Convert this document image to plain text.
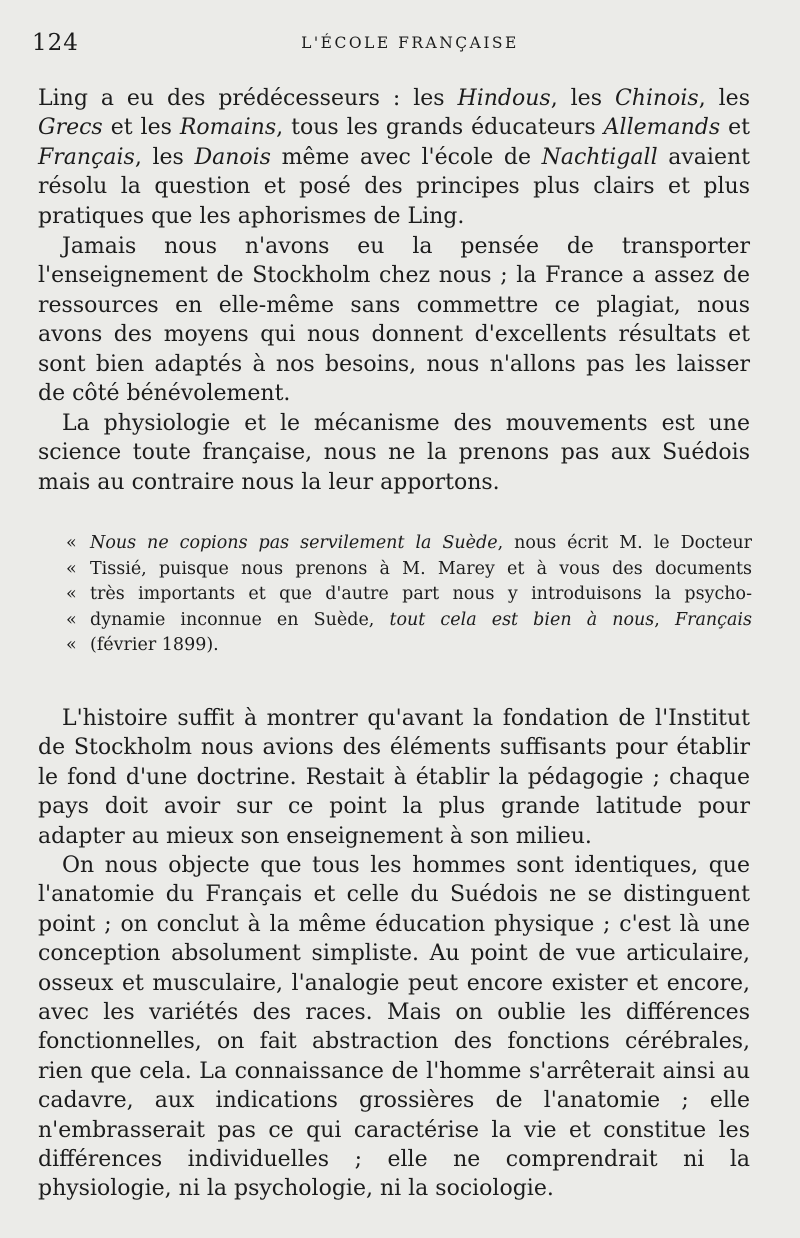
124	L'ÉCOLE FRANÇAISE

Ling a eu des prédécesseurs : les Hindous, les Chinois, les Grecs et les Romains, tous les grands éducateurs Allemands et Français, les Danois même avec l'école de Nachtigall avaient résolu la question et posé des principes plus clairs et plus pratiques que les aphorismes de Ling.

Jamais nous n'avons eu la pensée de transporter l'enseignement de Stockholm chez nous ; la France a assez de ressources en elle-même sans commettre ce plagiat, nous avons des moyens qui nous donnent d'excellents résultats et sont bien adaptés à nos besoins, nous n'allons pas les laisser de côté bénévolement.

La physiologie et le mécanisme des mouvements est une science toute française, nous ne la prenons pas aux Suédois mais au contraire nous la leur apportons.

« Nous ne copions pas servilement la Suède, nous écrit M. le Docteur
« Tissié, puisque nous prenons à M. Marey et à vous des documents
« très importants et que d'autre part nous y introduisons la psycho-
« dynamie inconnue en Suède, tout cela est bien à nous, Français
« (février 1899).

L'histoire suffit à montrer qu'avant la fondation de l'Institut de Stockholm nous avions des éléments suffisants pour établir le fond d'une doctrine. Restait à établir la pédagogie ; chaque pays doit avoir sur ce point la plus grande latitude pour adapter au mieux son enseignement à son milieu.

On nous objecte que tous les hommes sont identiques, que l'anatomie du Français et celle du Suédois ne se distinguent point ; on conclut à la même éducation physique ; c'est là une conception absolument simpliste. Au point de vue articulaire, osseux et musculaire, l'analogie peut encore exister et encore, avec les variétés des races. Mais on oublie les différences fonctionnelles, on fait abstraction des fonctions cérébrales, rien que cela. La connaissance de l'homme s'arrêterait ainsi au cadavre, aux indications grossières de l'anatomie ; elle n'embrasserait pas ce qui caractérise la vie et constitue les différences individuelles ; elle ne comprendrait ni la physiologie, ni la psychologie, ni la sociologie.
